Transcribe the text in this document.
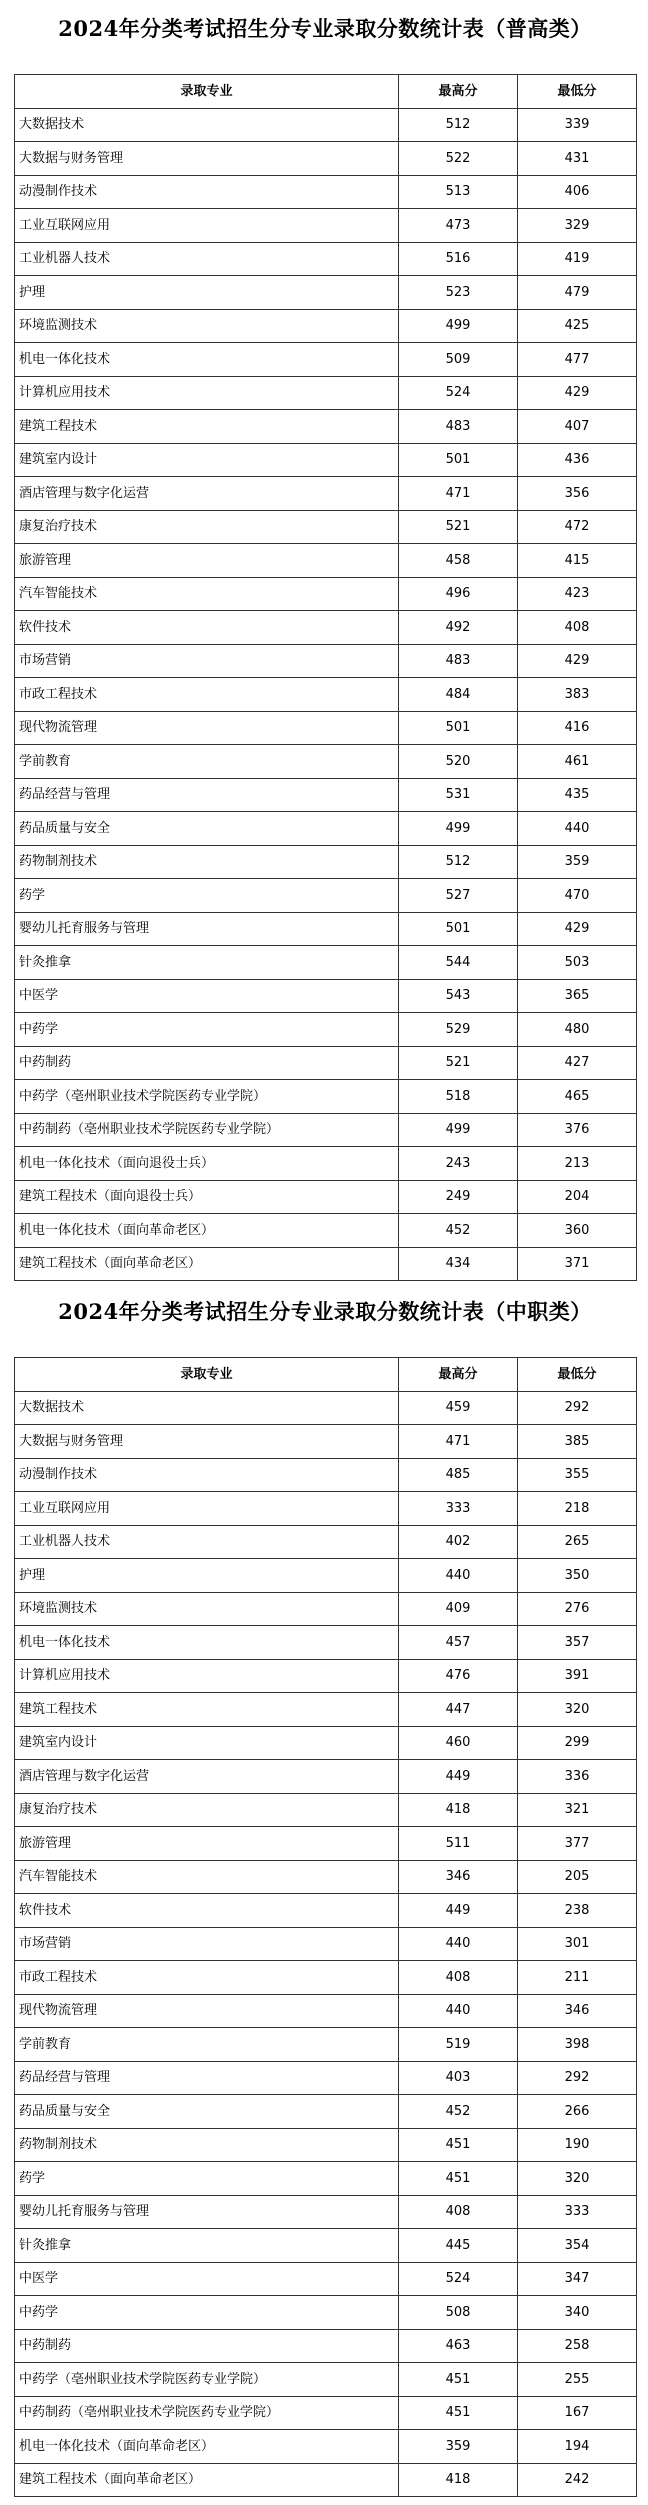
2024年分类考试招生分专业录取分数统计表（普高类）
录取专业	最高分	最低分
大数据技术	512	339
大数据与财务管理	522	431
动漫制作技术	513	406
工业互联网应用	473	329
工业机器人技术	516	419
护理	523	479
环境监测技术	499	425
机电一体化技术	509	477
计算机应用技术	524	429
建筑工程技术	483	407
建筑室内设计	501	436
酒店管理与数字化运营	471	356
康复治疗技术	521	472
旅游管理	458	415
汽车智能技术	496	423
软件技术	492	408
市场营销	483	429
市政工程技术	484	383
现代物流管理	501	416
学前教育	520	461
药品经营与管理	531	435
药品质量与安全	499	440
药物制剂技术	512	359
药学	527	470
婴幼儿托育服务与管理	501	429
针灸推拿	544	503
中医学	543	365
中药学	529	480
中药制药	521	427
中药学（亳州职业技术学院医药专业学院）	518	465
中药制药（亳州职业技术学院医药专业学院）	499	376
机电一体化技术（面向退役士兵）	243	213
建筑工程技术（面向退役士兵）	249	204
机电一体化技术（面向革命老区）	452	360
建筑工程技术（面向革命老区）	434	371
2024年分类考试招生分专业录取分数统计表（中职类）
录取专业	最高分	最低分
大数据技术	459	292
大数据与财务管理	471	385
动漫制作技术	485	355
工业互联网应用	333	218
工业机器人技术	402	265
护理	440	350
环境监测技术	409	276
机电一体化技术	457	357
计算机应用技术	476	391
建筑工程技术	447	320
建筑室内设计	460	299
酒店管理与数字化运营	449	336
康复治疗技术	418	321
旅游管理	511	377
汽车智能技术	346	205
软件技术	449	238
市场营销	440	301
市政工程技术	408	211
现代物流管理	440	346
学前教育	519	398
药品经营与管理	403	292
药品质量与安全	452	266
药物制剂技术	451	190
药学	451	320
婴幼儿托育服务与管理	408	333
针灸推拿	445	354
中医学	524	347
中药学	508	340
中药制药	463	258
中药学（亳州职业技术学院医药专业学院）	451	255
中药制药（亳州职业技术学院医药专业学院）	451	167
机电一体化技术（面向革命老区）	359	194
建筑工程技术（面向革命老区）	418	242
